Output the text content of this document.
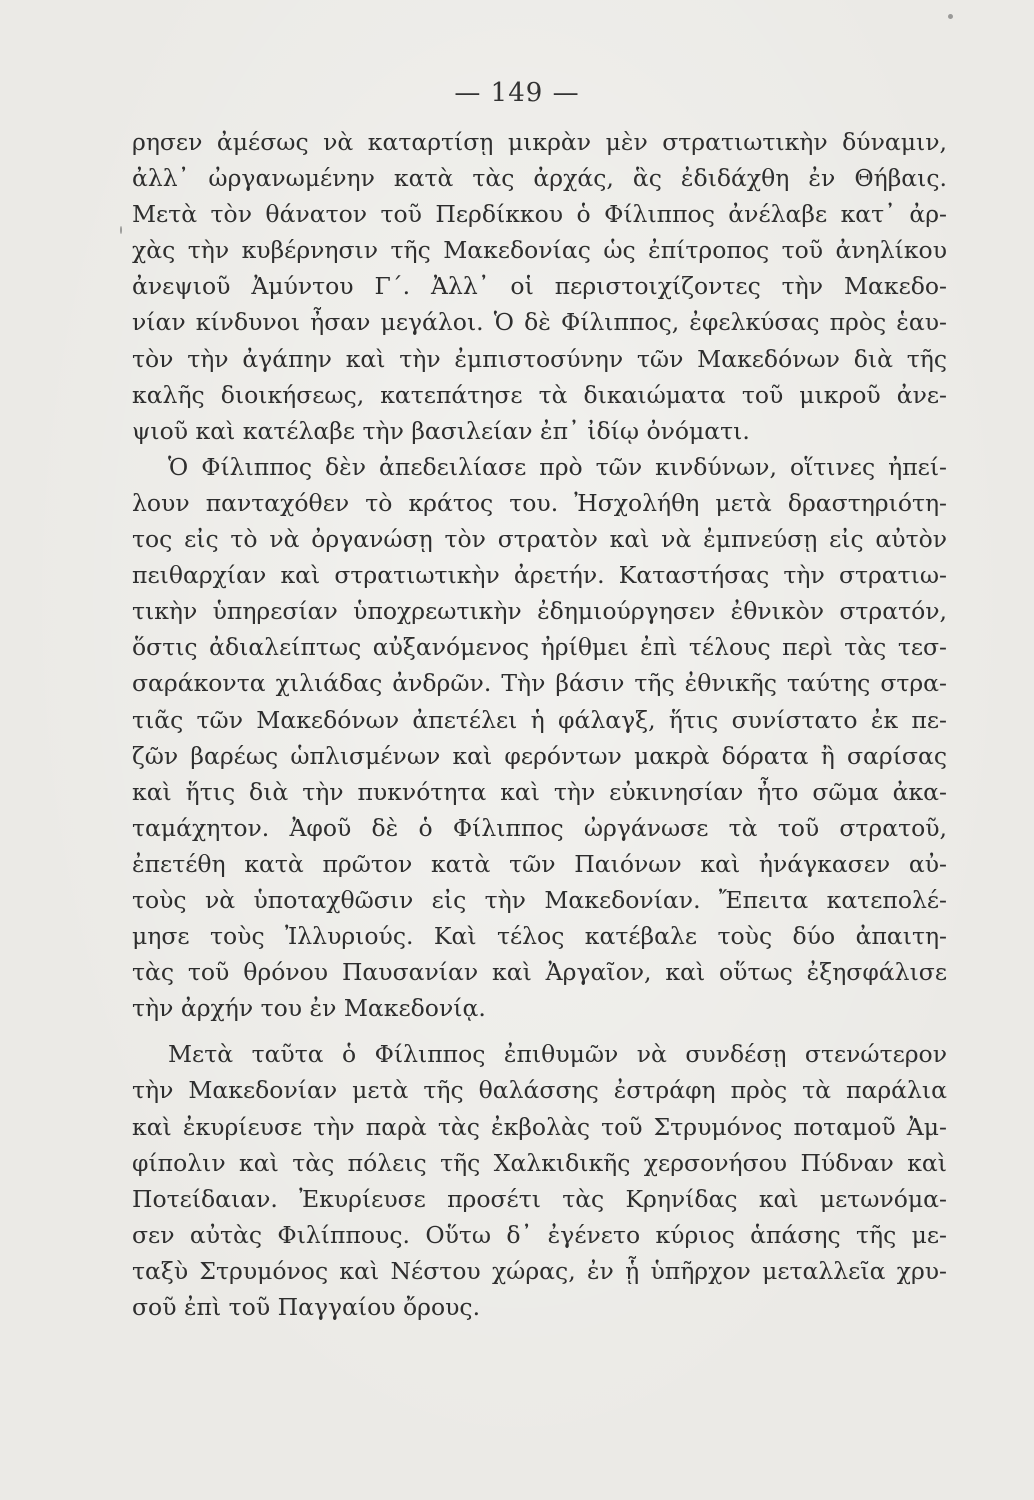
— 149 —
ρησεν ἀμέσως νὰ καταρτίσῃ μικρὰν μὲν στρατιωτικὴν δύναμιν,
ἀλλ᾽ ὠργανωμένην κατὰ τὰς ἀρχάς, ἃς ἐδιδάχθη ἐν Θήβαις.
Μετὰ τὸν θάνατον τοῦ Περδίκκου ὁ Φίλιππος ἀνέλαβε κατ᾽ ἀρ-
χὰς τὴν κυβέρνησιν τῆς Μακεδονίας ὡς ἐπίτροπος τοῦ ἀνηλίκου
ἀνεψιοῦ Ἀμύντου Γ΄. Ἀλλ᾽ οἱ περιστοιχίζοντες τὴν Μακεδο-
νίαν κίνδυνοι ἦσαν μεγάλοι. Ὁ δὲ Φίλιππος, ἐφελκύσας πρὸς ἑαυ-
τὸν τὴν ἀγάπην καὶ τὴν ἐμπιστοσύνην τῶν Μακεδόνων διὰ τῆς
καλῆς διοικήσεως, κατεπάτησε τὰ δικαιώματα τοῦ μικροῦ ἀνε-
ψιοῦ καὶ κατέλαβε τὴν βασιλείαν ἐπ᾽ ἰδίῳ ὀνόματι.
Ὁ Φίλιππος δὲν ἀπεδειλίασε πρὸ τῶν κινδύνων, οἵτινες ἠπεί-
λουν πανταχόθεν τὸ κράτος του. Ἠσχολήθη μετὰ δραστηριότη-
τος εἰς τὸ νὰ ὀργανώσῃ τὸν στρατὸν καὶ νὰ ἐμπνεύσῃ εἰς αὐτὸν
πειθαρχίαν καὶ στρατιωτικὴν ἀρετήν. Καταστήσας τὴν στρατιω-
τικὴν ὑπηρεσίαν ὑποχρεωτικὴν ἐδημιούργησεν ἐθνικὸν στρατόν,
ὅστις ἀδιαλείπτως αὐξανόμενος ἠρίθμει ἐπὶ τέλους περὶ τὰς τεσ-
σαράκοντα χιλιάδας ἀνδρῶν. Τὴν βάσιν τῆς ἐθνικῆς ταύτης στρα-
τιᾶς τῶν Μακεδόνων ἀπετέλει ἡ φάλαγξ, ἥτις συνίστατο ἐκ πε-
ζῶν βαρέως ὡπλισμένων καὶ φερόντων μακρὰ δόρατα ἢ σαρίσας
καὶ ἥτις διὰ τὴν πυκνότητα καὶ τὴν εὐκινησίαν ἦτο σῶμα ἀκα-
ταμάχητον. Ἀφοῦ δὲ ὁ Φίλιππος ὠργάνωσε τὰ τοῦ στρατοῦ,
ἐπετέθη κατὰ πρῶτον κατὰ τῶν Παιόνων καὶ ἠνάγκασεν αὐ-
τοὺς νὰ ὑποταχθῶσιν εἰς τὴν Μακεδονίαν. Ἔπειτα κατεπολέ-
μησε τοὺς Ἰλλυριούς. Καὶ τέλος κατέβαλε τοὺς δύο ἀπαιτη-
τὰς τοῦ θρόνου Παυσανίαν καὶ Ἀργαῖον, καὶ οὕτως ἐξησφάλισε
τὴν ἀρχήν του ἐν Μακεδονίᾳ.
Μετὰ ταῦτα ὁ Φίλιππος ἐπιθυμῶν νὰ συνδέσῃ στενώτερον
τὴν Μακεδονίαν μετὰ τῆς θαλάσσης ἐστράφη πρὸς τὰ παράλια
καὶ ἐκυρίευσε τὴν παρὰ τὰς ἐκβολὰς τοῦ Στρυμόνος ποταμοῦ Ἀμ-
φίπολιν καὶ τὰς πόλεις τῆς Χαλκιδικῆς χερσονήσου Πύδναν καὶ
Ποτείδαιαν. Ἐκυρίευσε προσέτι τὰς Κρηνίδας καὶ μετωνόμα-
σεν αὐτὰς Φιλίππους. Οὕτω δ᾽ ἐγένετο κύριος ἁπάσης τῆς με-
ταξὺ Στρυμόνος καὶ Νέστου χώρας, ἐν ᾗ ὑπῆρχον μεταλλεῖα χρυ-
σοῦ ἐπὶ τοῦ Παγγαίου ὄρους.
